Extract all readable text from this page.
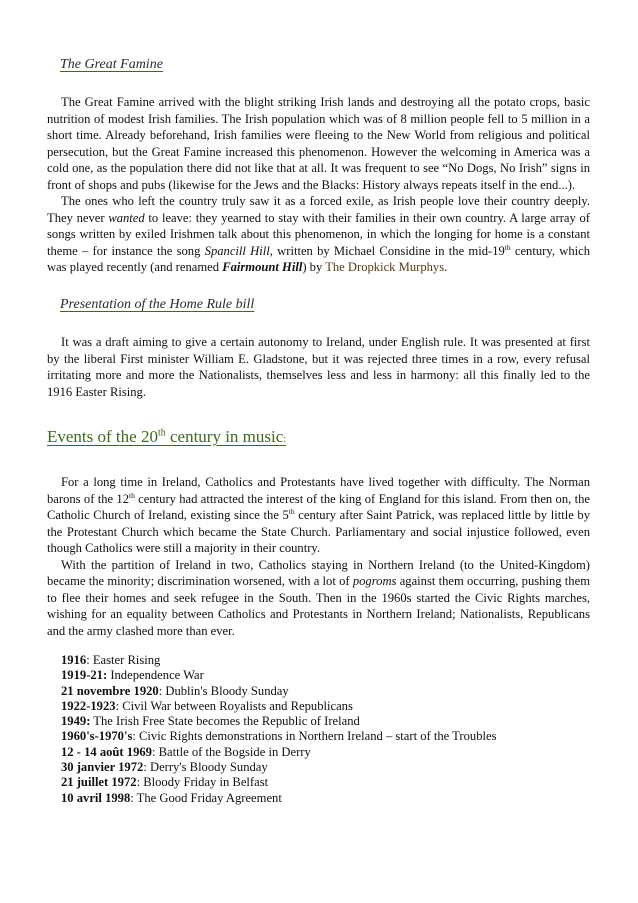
The Great Famine

The Great Famine arrived with the blight striking Irish lands and destroying all the potato crops, basic nutrition of modest Irish families. The Irish population which was of 8 million people fell to 5 million in a short time. Already beforehand, Irish families were fleeing to the New World from religious and political persecution, but the Great Famine increased this phenomenon. However the welcoming in America was a cold one, as the population there did not like that at all. It was frequent to see “No Dogs, No Irish” signs in front of shops and pubs (likewise for the Jews and the Blacks: History always repeats itself in the end...).

The ones who left the country truly saw it as a forced exile, as Irish people love their country deeply. They never wanted to leave: they yearned to stay with their families in their own country. A large array of songs written by exiled Irishmen talk about this phenomenon, in which the longing for home is a constant theme – for instance the song Spancill Hill, written by Michael Considine in the mid-19th century, which was played recently (and renamed Fairmount Hill) by The Dropkick Murphys.

Presentation of the Home Rule bill

It was a draft aiming to give a certain autonomy to Ireland, under English rule. It was presented at first by the liberal First minister William E. Gladstone, but it was rejected three times in a row, every refusal irritating more and more the Nationalists, themselves less and less in harmony: all this finally led to the 1916 Easter Rising.

Events of the 20th century in music:

For a long time in Ireland, Catholics and Protestants have lived together with difficulty. The Norman barons of the 12th century had attracted the interest of the king of England for this island. From then on, the Catholic Church of Ireland, existing since the 5th century after Saint Patrick, was replaced little by little by the Protestant Church which became the State Church. Parliamentary and social injustice followed, even though Catholics were still a majority in their country.

With the partition of Ireland in two, Catholics staying in Northern Ireland (to the United-Kingdom) became the minority; discrimination worsened, with a lot of pogroms against them occurring, pushing them to flee their homes and seek refugee in the South. Then in the 1960s started the Civic Rights marches, wishing for an equality between Catholics and Protestants in Northern Ireland; Nationalists, Republicans and the army clashed more than ever.

1916: Easter Rising
1919-21: Independence War
21 novembre 1920: Dublin's Bloody Sunday
1922-1923: Civil War between Royalists and Republicans
1949: The Irish Free State becomes the Republic of Ireland
1960's-1970's: Civic Rights demonstrations in Northern Ireland – start of the Troubles
12 - 14 août 1969: Battle of the Bogside in Derry
30 janvier 1972: Derry's Bloody Sunday
21 juillet 1972: Bloody Friday in Belfast
10 avril 1998: The Good Friday Agreement
